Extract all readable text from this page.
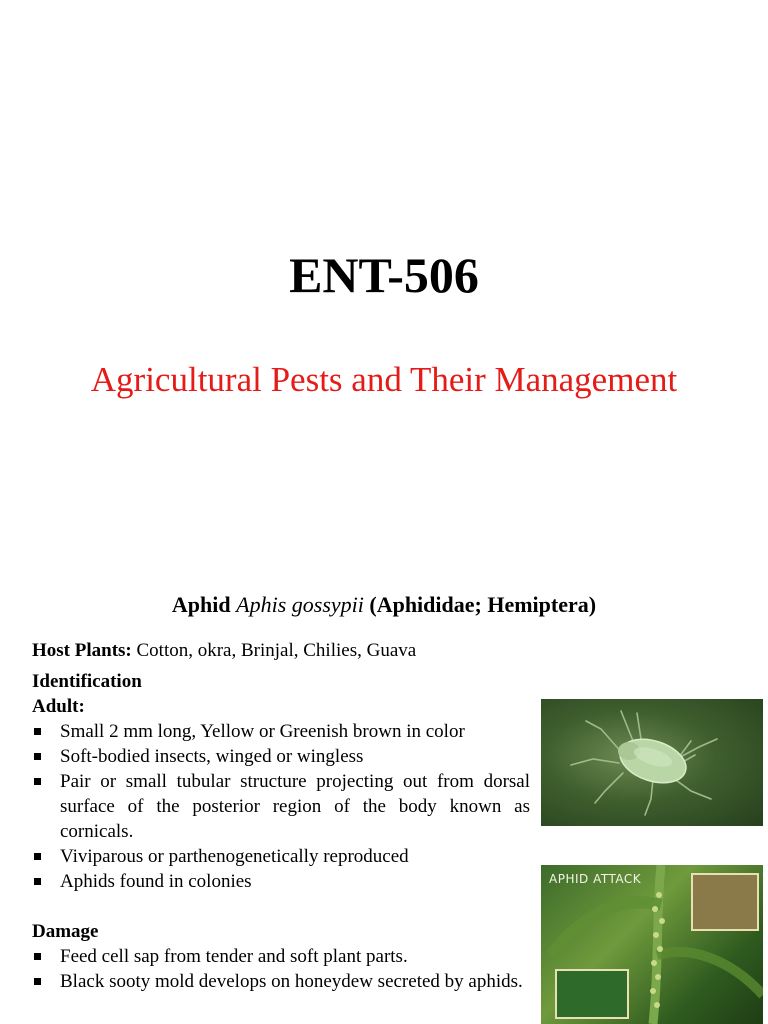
ENT-506
Agricultural Pests and Their Management
Aphid Aphis gossypii (Aphididae; Hemiptera)
Host Plants: Cotton, okra, Brinjal, Chilies, Guava

Identification

Adult:

Small 2 mm long, Yellow or Greenish brown in color
Soft-bodied insects, winged or wingless
Pair or small tubular structure projecting out from dorsal surface of the posterior region of the body known as cornicals.
Viviparous or parthenogenetically reproduced
Aphids found in colonies

Damage

Feed cell sap from tender and soft plant parts.
Black sooty mold develops on honeydew secreted by aphids.
APHID ATTACK
